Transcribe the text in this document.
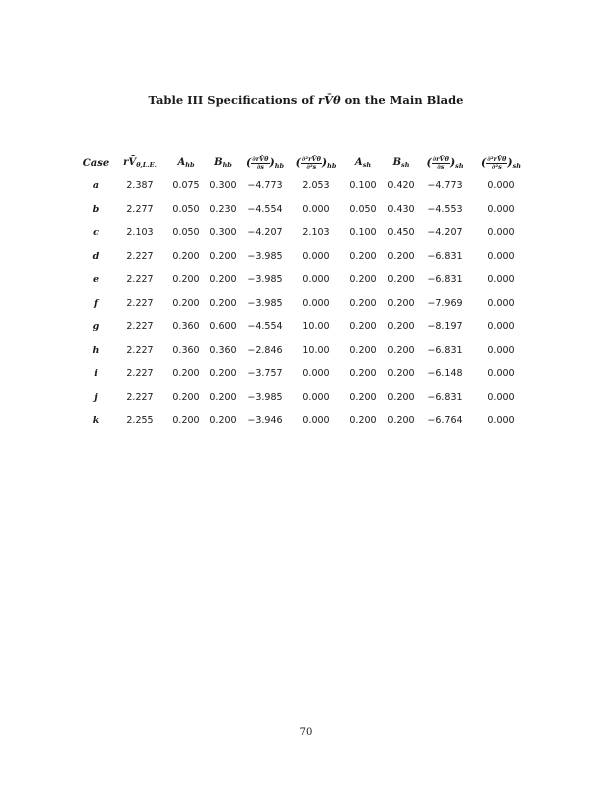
Table III Specifications of rV̄θ on the Main Blade
Case	$rV̄_{\theta,L.E.}$	$A_{hb}$	$B_{hb}$	( $\frac{\partial rV̄\theta}{\partial s} )_{hb}$	( $\frac{\text{∂²rV̄θ}}{\text{∂²s}} )_{hb}$	$A_{sh}$	$B_{sh}$	( $\frac{\partial rV̄\theta}{\partial s} )_{sh}$	( $\frac{\text{∂²rV̄θ}}{\text{∂²s}} )_{sh}$
a	2.387	0.075	0.300	−4.773	2.053	0.100	0.420	−4.773	0.000
b	2.277	0.050	0.230	−4.554	0.000	0.050	0.430	−4.553	0.000
c	2.103	0.050	0.300	−4.207	2.103	0.100	0.450	−4.207	0.000
d	2.227	0.200	0.200	−3.985	0.000	0.200	0.200	−6.831	0.000
e	2.227	0.200	0.200	−3.985	0.000	0.200	0.200	−6.831	0.000
f	2.227	0.200	0.200	−3.985	0.000	0.200	0.200	−7.969	0.000
g	2.227	0.360	0.600	−4.554	10.00	0.200	0.200	−8.197	0.000
h	2.227	0.360	0.360	−2.846	10.00	0.200	0.200	−6.831	0.000
i	2.227	0.200	0.200	−3.757	0.000	0.200	0.200	−6.148	0.000
j	2.227	0.200	0.200	−3.985	0.000	0.200	0.200	−6.831	0.000
k	2.255	0.200	0.200	−3.946	0.000	0.200	0.200	−6.764	0.000
70
